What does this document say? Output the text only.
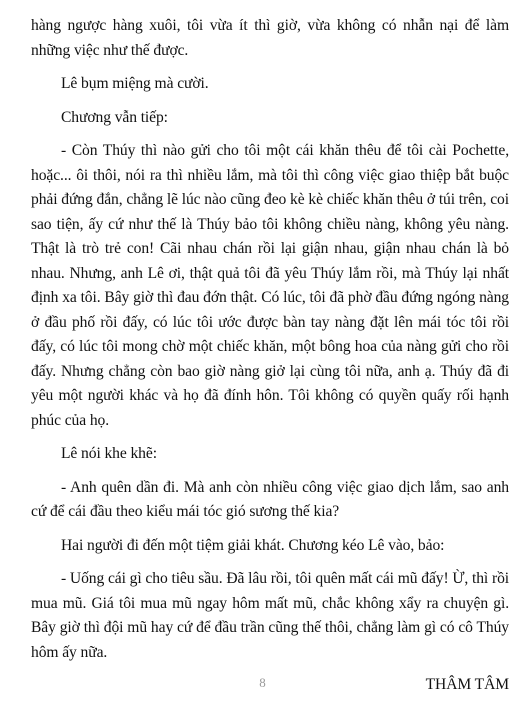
hàng ngược hàng xuôi, tôi vừa ít thì giờ, vừa không có nhẫn nại để làm những việc như thế được.

Lê bụm miệng mà cười.

Chương vẫn tiếp:

- Còn Thúy thì nào gửi cho tôi một cái khăn thêu để tôi cài Pochette, hoặc... ôi thôi, nói ra thì nhiều lắm, mà tôi thì công việc giao thiệp bắt buộc phải đứng đắn, chẳng lẽ lúc nào cũng đeo kè kè chiếc khăn thêu ở túi trên, coi sao tiện, ấy cứ như thế là Thúy bảo tôi không chiều nàng, không yêu nàng. Thật là trò trẻ con! Cãi nhau chán rồi lại giận nhau, giận nhau chán là bỏ nhau. Nhưng, anh Lê ơi, thật quả tôi đã yêu Thúy lắm rồi, mà Thúy lại nhất định xa tôi. Bây giờ thì đau đớn thật. Có lúc, tôi đã phờ đầu đứng ngóng nàng ở đầu phố rồi đấy, có lúc tôi ước được bàn tay nàng đặt lên mái tóc tôi rồi đấy, có lúc tôi mong chờ một chiếc khăn, một bông hoa của nàng gửi cho rồi đấy. Nhưng chẳng còn bao giờ nàng giở lại cùng tôi nữa, anh ạ. Thúy đã đi yêu một người khác và họ đã đính hôn. Tôi không có quyền quấy rối hạnh phúc của họ.

Lê nói khe khẽ:

- Anh quên dần đi. Mà anh còn nhiều công việc giao dịch lắm, sao anh cứ để cái đầu theo kiểu mái tóc gió sương thế kia?

Hai người đi đến một tiệm giải khát. Chương kéo Lê vào, bảo:

- Uống cái gì cho tiêu sầu. Đã lâu rồi, tôi quên mất cái mũ đấy! Ừ, thì rồi mua mũ. Giá tôi mua mũ ngay hôm mất mũ, chắc không xẩy ra chuyện gì. Bây giờ thì đội mũ hay cứ để đầu trần cũng thế thôi, chẳng làm gì có cô Thúy hôm ấy nữa.

THÂM TÂM

8
